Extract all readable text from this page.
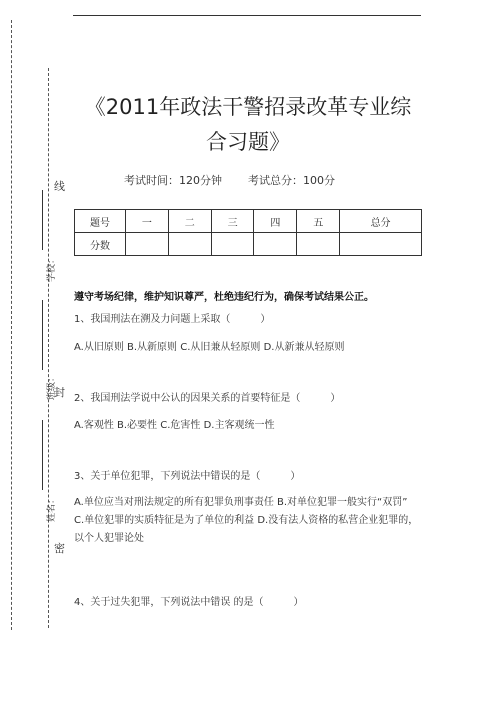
线
封
密
学校：
班级：
姓名：
《2011年政法干警招录改革专业综
合习题》
考试时间：120分钟 考试总分：100分
题号	一	二	三	四	五	总分
分数						
遵守考场纪律，维护知识尊严，杜绝违纪行为，确保考试结果公正。
1、我国刑法在溯及力问题上采取（　　　）
A.从旧原则 B.从新原则 C.从旧兼从轻原则 D.从新兼从轻原则
2、我国刑法学说中公认的因果关系的首要特征是（　　　）
A.客观性 B.必要性 C.危害性 D.主客观统一性
3、关于单位犯罪，下列说法中错误的是（　　　）
A.单位应当对刑法规定的所有犯罪负刑事责任 B.对单位犯罪一般实行“双罚”
C.单位犯罪的实质特征是为了单位的利益 D.没有法人资格的私营企业犯罪的，
以个人犯罪论处
4、关于过失犯罪，下列说法中错误 的是（　　　）
